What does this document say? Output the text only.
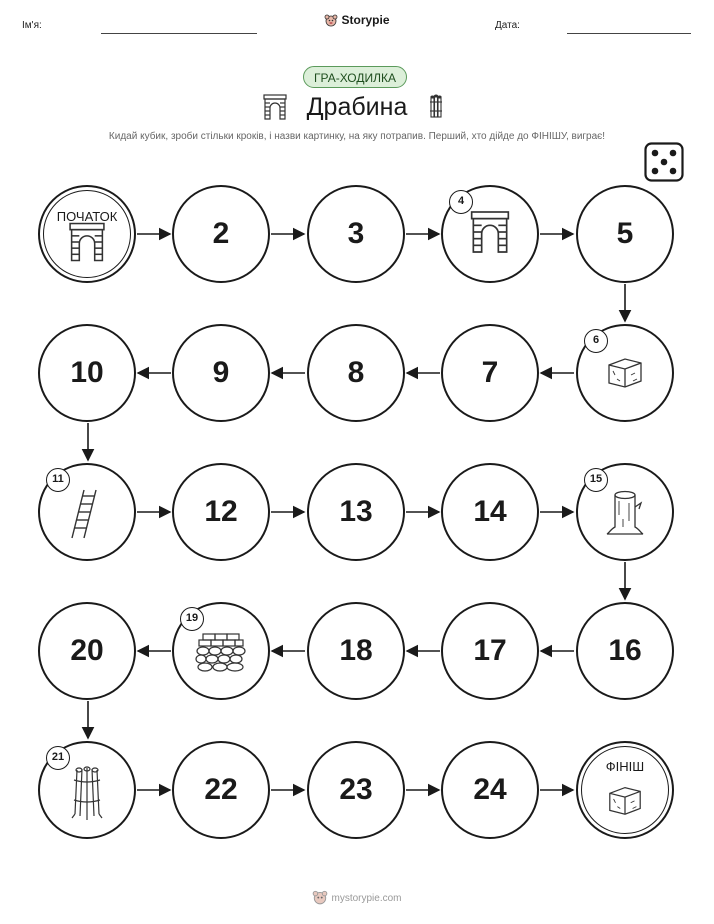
Ім'я:	Storypie	Дата:
ГРА-ХОДИЛКА
Драбина
Кидай кубик, зроби стільки кроків, і назви картинку, на яку потрапив. Перший, хто дійде до ФІНІШУ, виграє!
ПОЧАТОК
2	3
4
5
6
7
8
9
10
11
12	13	14
15
16
17
18
19
20
21
22	23	24
ФІНІШ
mystorypie.com
